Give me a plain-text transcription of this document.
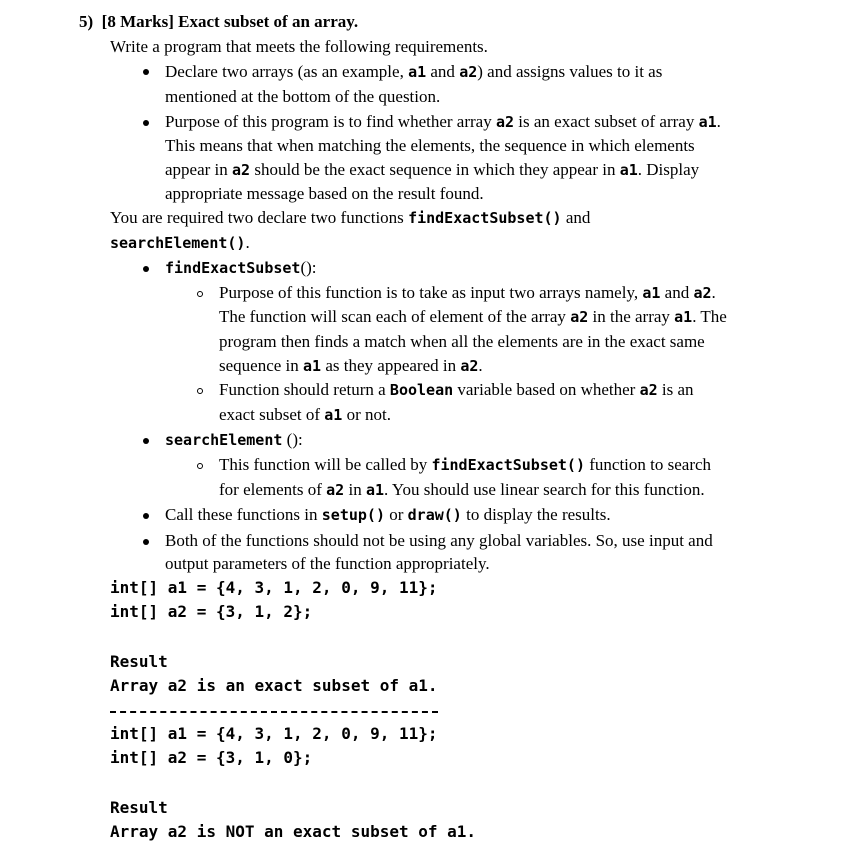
5) [8 Marks] Exact subset of an array.
Write a program that meets the following requirements.
Declare two arrays (as an example, a1 and a2) and assigns values to it as
mentioned at the bottom of the question.
Purpose of this program is to find whether array a2 is an exact subset of array a1.
This means that when matching the elements, the sequence in which elements
appear in a2 should be the exact sequence in which they appear in a1. Display
appropriate message based on the result found.
You are required two declare two functions findExactSubset() and
searchElement().
findExactSubset():
Purpose of this function is to take as input two arrays namely, a1 and a2.
The function will scan each of element of the array a2 in the array a1. The
program then finds a match when all the elements are in the exact same
sequence in a1 as they appeared in a2.
Function should return a Boolean variable based on whether a2 is an
exact subset of a1 or not.
searchElement ():
This function will be called by findExactSubset() function to search
for elements of a2 in a1. You should use linear search for this function.
Call these functions in setup() or draw() to display the results.
Both of the functions should not be using any global variables. So, use input and
output parameters of the function appropriately.
int[] a1 = {4, 3, 1, 2, 0, 9, 11};
int[] a2 = {3, 1, 2};
Result
Array a2 is an exact subset of a1.
int[] a1 = {4, 3, 1, 2, 0, 9, 11};
int[] a2 = {3, 1, 0};
Result
Array a2 is NOT an exact subset of a1.
